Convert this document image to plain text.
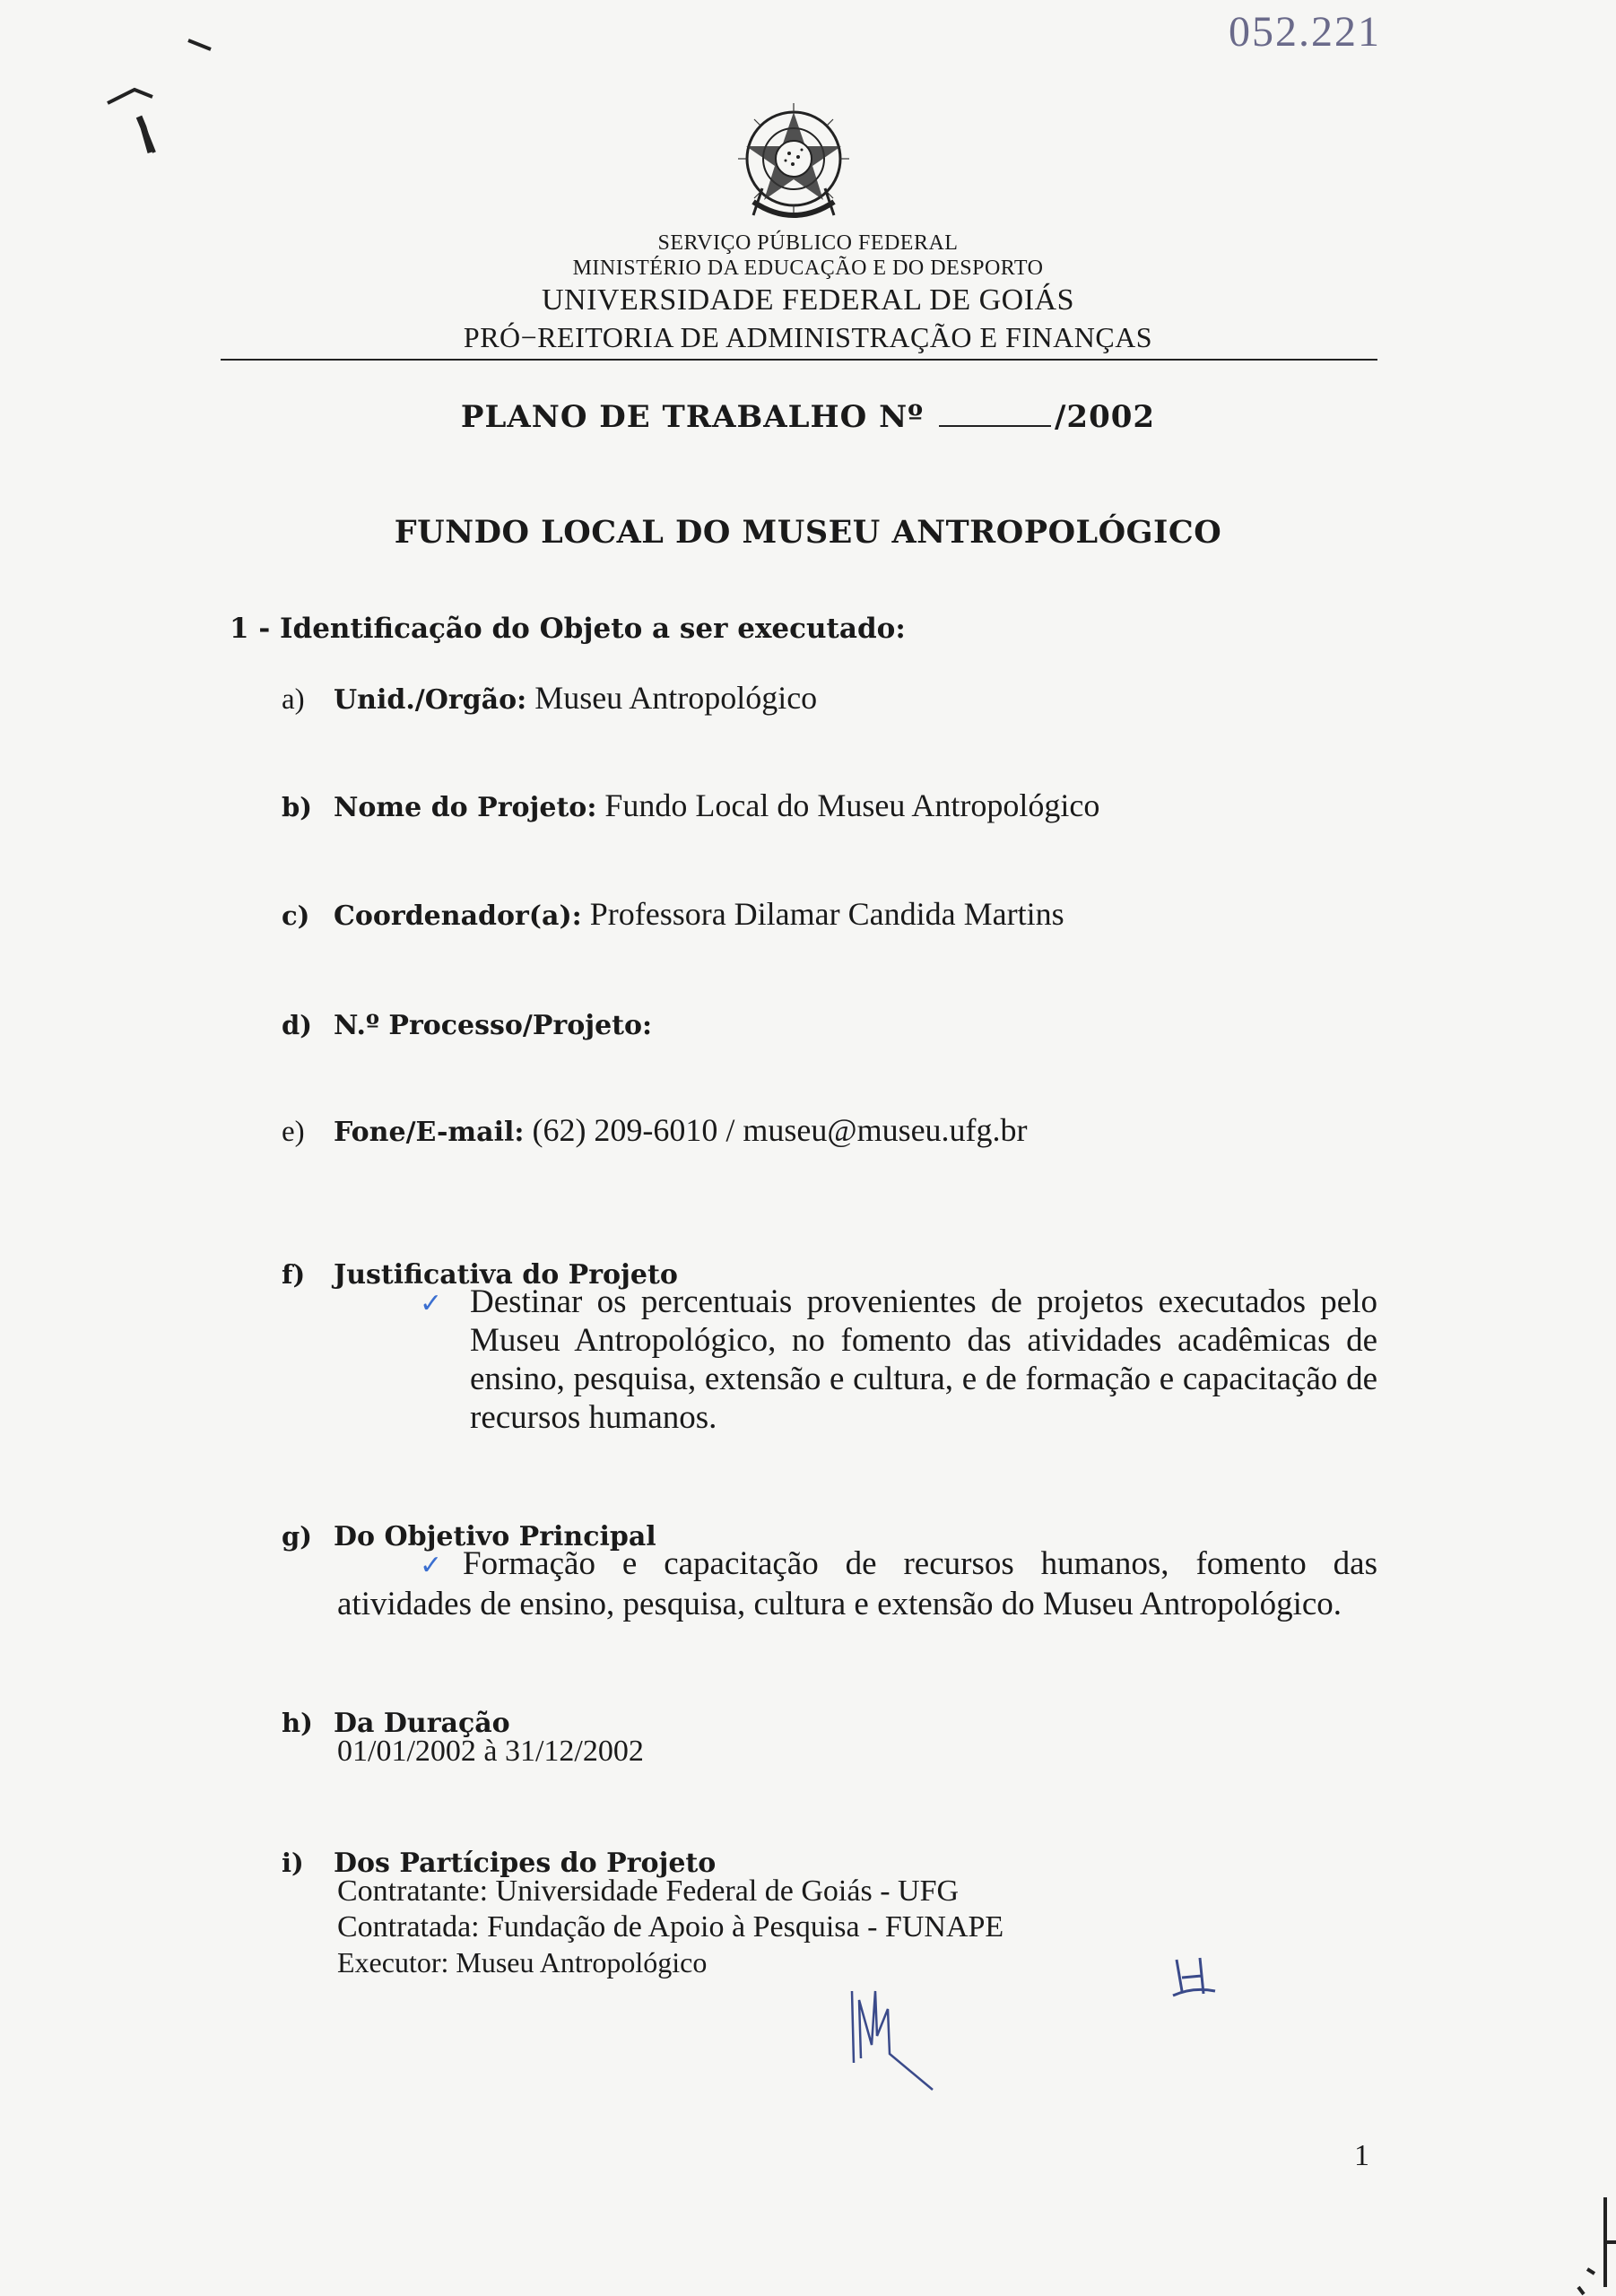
052.221
SERVIÇO PÚBLICO FEDERAL
MINISTÉRIO DA EDUCAÇÃO E DO DESPORTO
UNIVERSIDADE FEDERAL DE GOIÁS
PRÓ−REITORIA DE ADMINISTRAÇÃO E FINANÇAS
PLANO DE TRABALHO Nº	/2002
FUNDO LOCAL DO MUSEU ANTROPOLÓGICO
1 - Identificação do Objeto a ser executado:
a) Unid./Orgão: Museu Antropológico
b) Nome do Projeto: Fundo Local do Museu Antropológico
c) Coordenador(a): Professora Dilamar Candida Martins
d) N.º Processo/Projeto:
e) Fone/E-mail: (62) 209-6010 / museu@museu.ufg.br
f) Justificativa do Projeto
✓ Destinar os percentuais provenientes de projetos executados pelo Museu Antropológico, no fomento das atividades acadêmicas de ensino, pesquisa, extensão e cultura, e de formação e capacitação de recursos humanos.
g) Do Objetivo Principal
✓ Formação e capacitação de recursos humanos, fomento das atividades de ensino, pesquisa, cultura e extensão do Museu Antropológico.
h) Da Duração
01/01/2002 à 31/12/2002
i) Dos Partícipes do Projeto
Contratante: Universidade Federal de Goiás - UFG
Contratada: Fundação de Apoio à Pesquisa - FUNAPE
Executor: Museu Antropológico
1
